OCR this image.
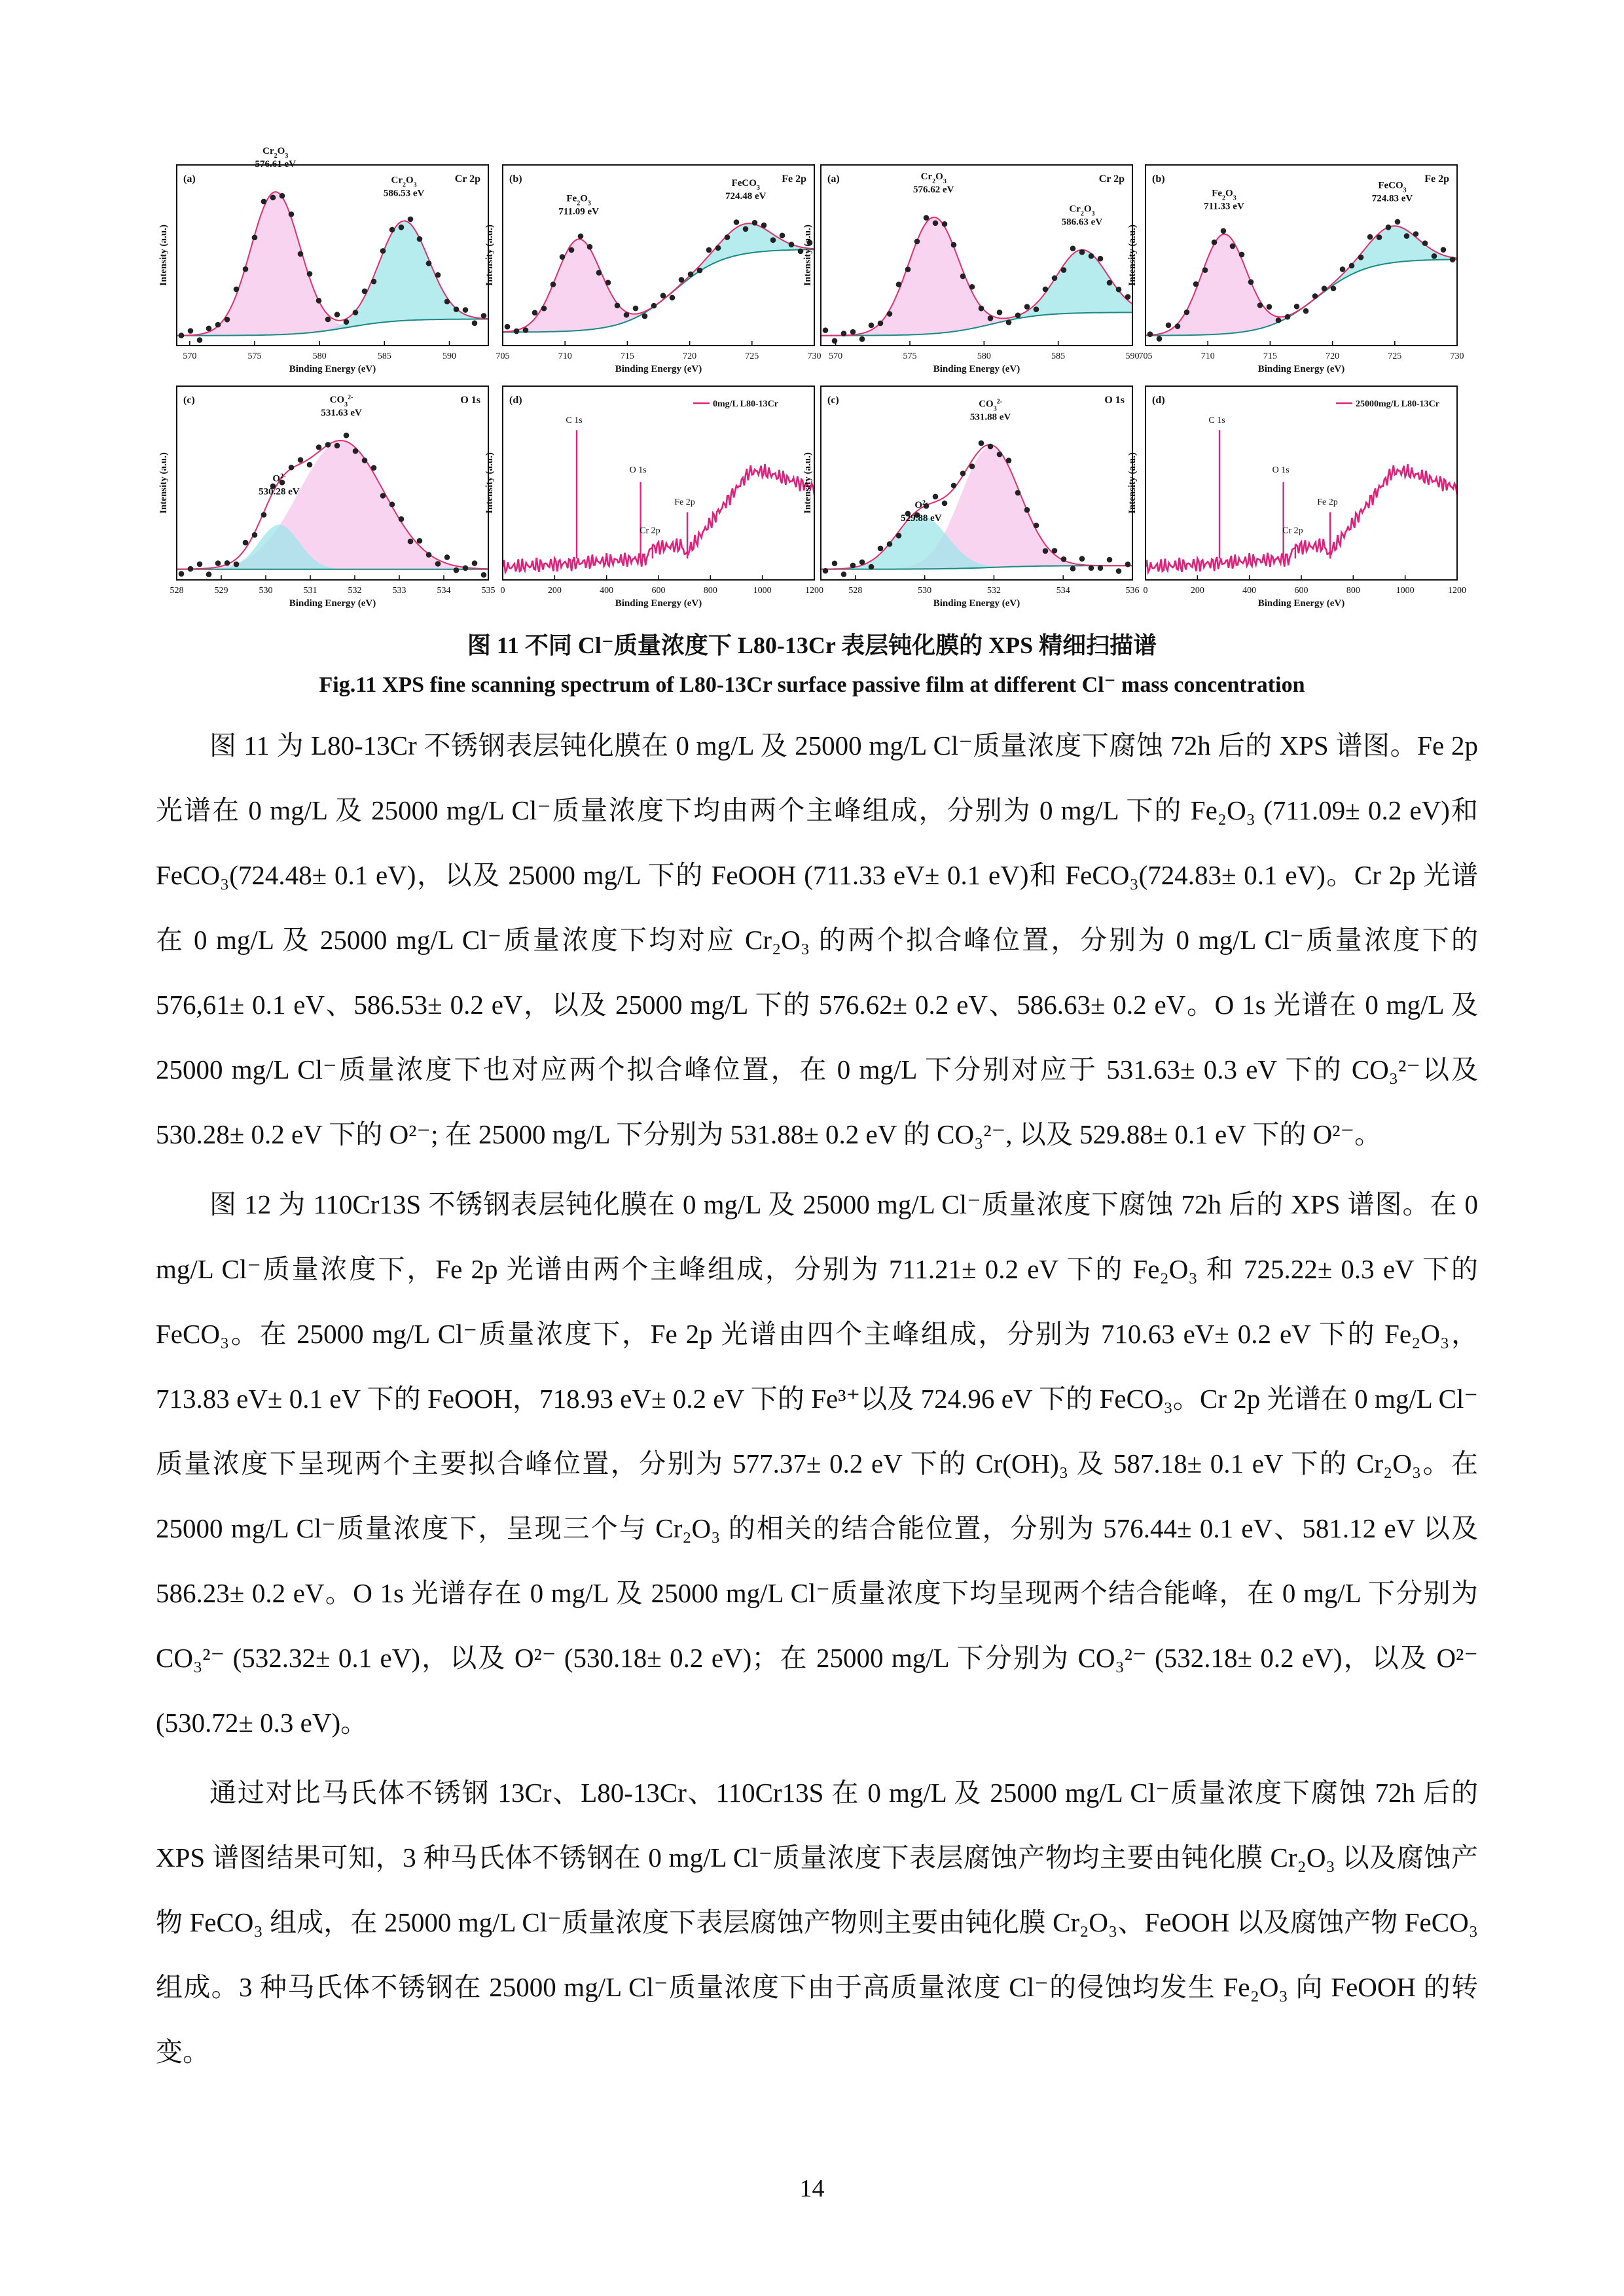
$Cr_2O_3$
576.61 eV
$Cr_2O_3$
586.53 eV
Cr 2p
(a)
570	575	580	585	590
Binding Energy (eV)
Intensity (a.u.)
$Fe_2O_3$
711.09 eV
FeCO$_3$
724.48 eV
Fe 2p
(b)
705	710	715	720	725	730
Binding Energy (eV)
Intensity (a.u.)
$Cr_2O_3$
576.62 eV
$Cr_2O_3$
586.63 eV
Cr 2p
(a)
570	575	580	585	590
Binding Energy (eV)
Intensity (a.u.)
$Fe_2O_3$
711.33 eV
FeCO$_3$
724.83 eV
Fe 2p
(b)
705	710	715	720	725	730
Binding Energy (eV)
Intensity (a.u.)
$CO_3^{2-}$
531.63 eV
$O^{2-}$
530.28 eV
O 1s
(c)
528	529	530	531	532	533	534	535
Binding Energy (eV)
Intensity (a.u.)
C 1s
O 1s
Cr 2p
Fe 2p
0mg/L L80-13Cr
(d)
0	200	400	600	800	1000	1200
Binding Energy (eV)
Intensity (a.u.)
$CO_3^{2-}$
531.88 eV
$O^{2-}$
529.88 eV
O 1s
(c)
528	530	532	534	536
Binding Energy (eV)
Intensity (a.u.)
C 1s
O 1s
Cr 2p
Fe 2p
25000mg/L L80-13Cr
(d)
0	200	400	600	800	1000	1200
Binding Energy (eV)
Intensity (a.u.)
图 11 不同 Cl⁻质量浓度下 L80-13Cr 表层钝化膜的 XPS 精细扫描谱
Fig.11 XPS fine scanning spectrum of L80-13Cr surface passive film at different Cl⁻ mass concentration

图 11 为 L80-13Cr 不锈钢表层钝化膜在 0 mg/L 及 25000 mg/L Cl⁻质量浓度下腐蚀 72h 后的 XPS 谱图。Fe 2p 光谱在 0 mg/L 及 25000 mg/L Cl⁻质量浓度下均由两个主峰组成，分别为 0 mg/L 下的 Fe₂O₃ (711.09± 0.2 eV)和 FeCO₃(724.48± 0.1 eV)，以及 25000 mg/L 下的 FeOOH (711.33 eV± 0.1 eV)和 FeCO₃(724.83± 0.1 eV)。Cr 2p 光谱在 0 mg/L 及 25000 mg/L Cl⁻质量浓度下均对应 Cr₂O₃ 的两个拟合峰位置，分别为 0 mg/L Cl⁻质量浓度下的 576,61± 0.1 eV、586.53± 0.2 eV，以及 25000 mg/L 下的 576.62± 0.2 eV、586.63± 0.2 eV。O 1s 光谱在 0 mg/L 及 25000 mg/L Cl⁻质量浓度下也对应两个拟合峰位置，在 0 mg/L 下分别对应于 531.63± 0.3 eV 下的 CO₃²⁻以及 530.28± 0.2 eV 下的 O²⁻; 在 25000 mg/L 下分别为 531.88± 0.2 eV 的 CO₃²⁻, 以及 529.88± 0.1 eV 下的 O²⁻。

图 12 为 110Cr13S 不锈钢表层钝化膜在 0 mg/L 及 25000 mg/L Cl⁻质量浓度下腐蚀 72h 后的 XPS 谱图。在 0 mg/L Cl⁻质量浓度下，Fe 2p 光谱由两个主峰组成，分别为 711.21± 0.2 eV 下的 Fe₂O₃ 和 725.22± 0.3 eV 下的 FeCO₃。在 25000 mg/L Cl⁻质量浓度下，Fe 2p 光谱由四个主峰组成，分别为 710.63 eV± 0.2 eV 下的 Fe₂O₃，713.83 eV± 0.1 eV 下的 FeOOH，718.93 eV± 0.2 eV 下的 Fe³⁺以及 724.96 eV 下的 FeCO₃。Cr 2p 光谱在 0 mg/L Cl⁻质量浓度下呈现两个主要拟合峰位置，分别为 577.37± 0.2 eV 下的 Cr(OH)₃ 及 587.18± 0.1 eV 下的 Cr₂O₃。在 25000 mg/L Cl⁻质量浓度下，呈现三个与 Cr₂O₃ 的相关的结合能位置，分别为 576.44± 0.1 eV、581.12 eV 以及 586.23± 0.2 eV。O 1s 光谱存在 0 mg/L 及 25000 mg/L Cl⁻质量浓度下均呈现两个结合能峰，在 0 mg/L 下分别为 CO₃²⁻ (532.32± 0.1 eV)，以及 O²⁻ (530.18± 0.2 eV)；在 25000 mg/L 下分别为 CO₃²⁻ (532.18± 0.2 eV)，以及 O²⁻ (530.72± 0.3 eV)。

通过对比马氏体不锈钢 13Cr、L80-13Cr、110Cr13S 在 0 mg/L 及 25000 mg/L Cl⁻质量浓度下腐蚀 72h 后的 XPS 谱图结果可知，3 种马氏体不锈钢在 0 mg/L Cl⁻质量浓度下表层腐蚀产物均主要由钝化膜 Cr₂O₃ 以及腐蚀产物 FeCO₃ 组成，在 25000 mg/L Cl⁻质量浓度下表层腐蚀产物则主要由钝化膜 Cr₂O₃、FeOOH 以及腐蚀产物 FeCO₃ 组成。3 种马氏体不锈钢在 25000 mg/L Cl⁻质量浓度下由于高质量浓度 Cl⁻的侵蚀均发生 Fe₂O₃ 向 FeOOH 的转变。

14
